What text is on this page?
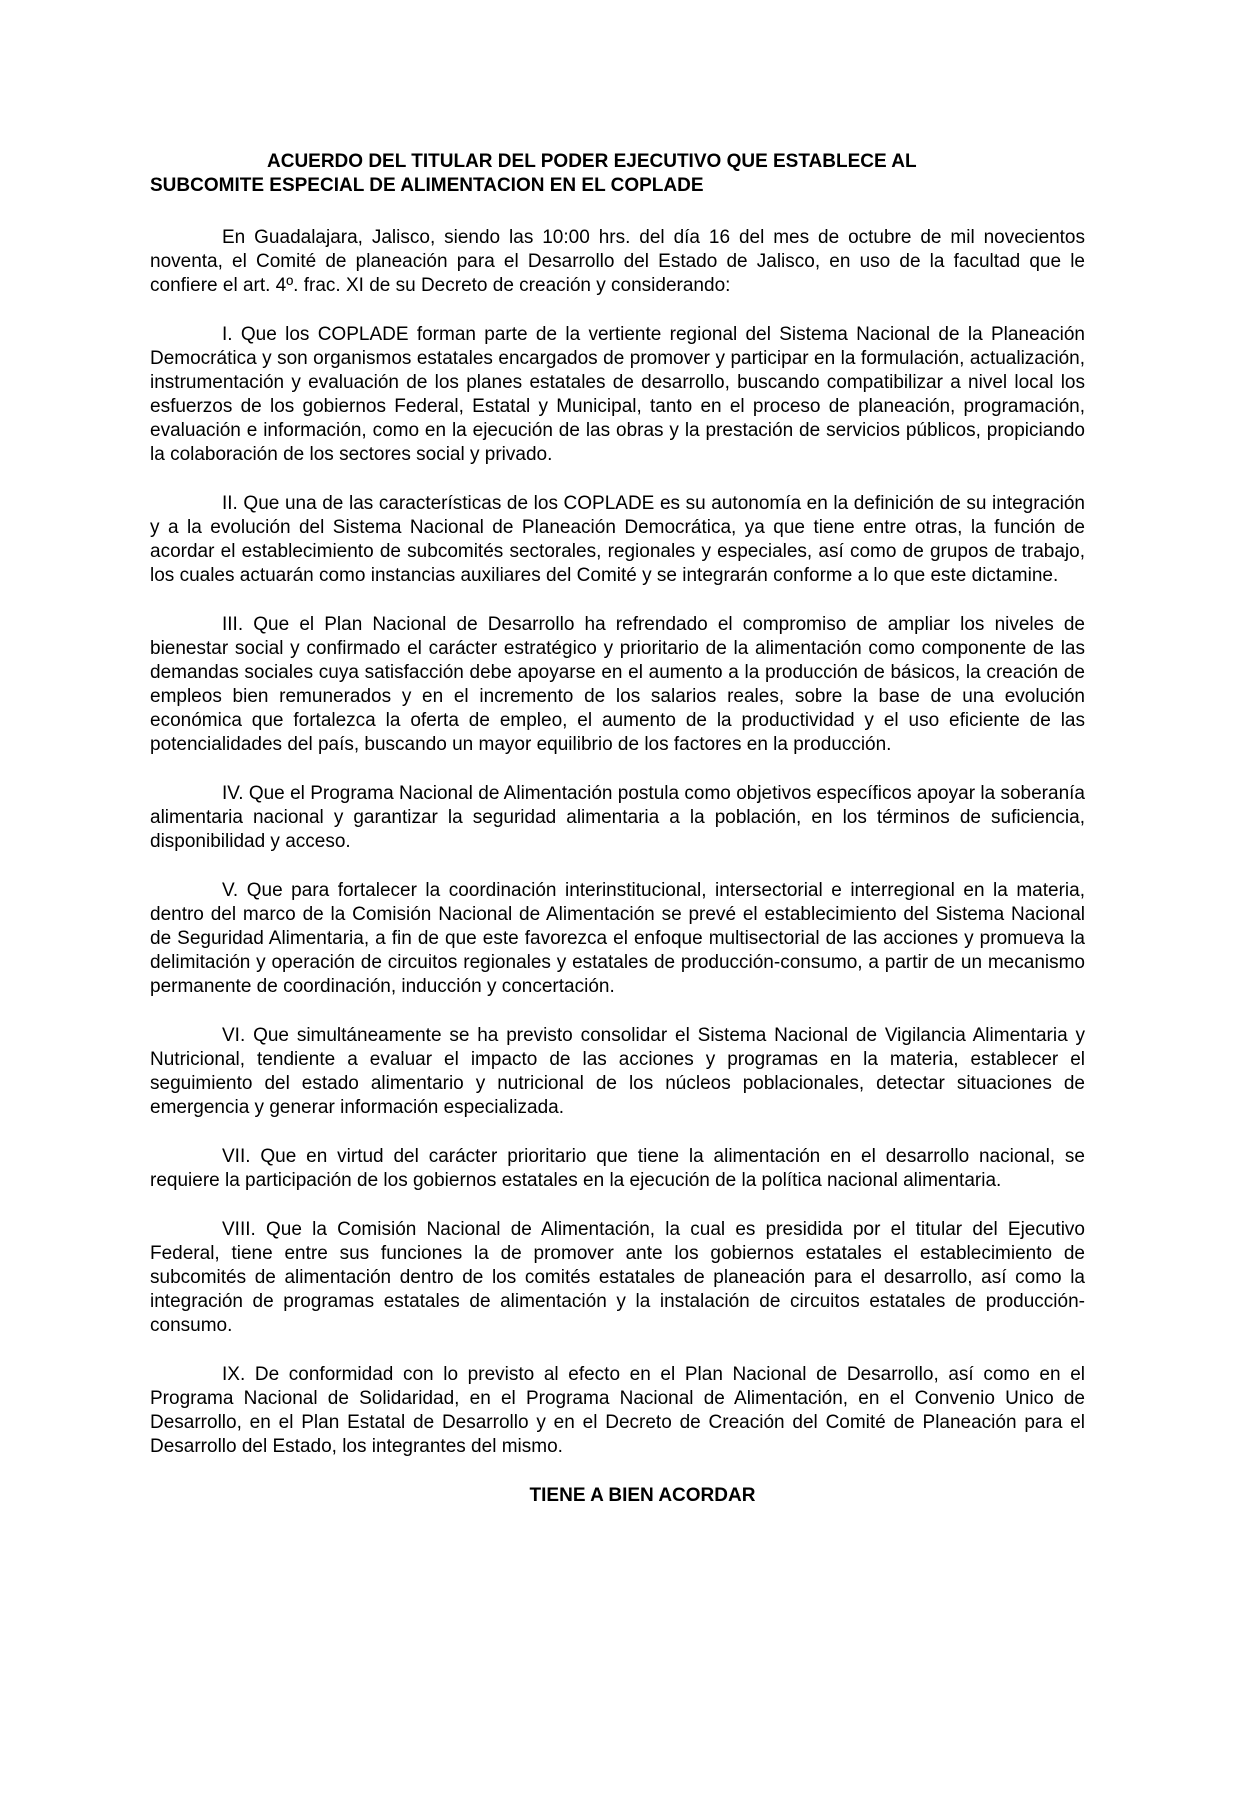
ACUERDO DEL TITULAR DEL PODER EJECUTIVO QUE ESTABLECE AL
SUBCOMITE ESPECIAL DE ALIMENTACION EN EL COPLADE

En Guadalajara, Jalisco, siendo las 10:00 hrs. del día 16 del mes de octubre de mil novecientos noventa, el Comité de planeación para el Desarrollo del Estado de Jalisco, en uso de la facultad que le confiere el art. 4º. frac. XI de su Decreto de creación y considerando:

I. Que los COPLADE forman parte de la vertiente regional del Sistema Nacional de la Planeación Democrática y son organismos estatales encargados de promover y participar en la formulación, actualización, instrumentación y evaluación de los planes estatales de desarrollo, buscando compatibilizar a nivel local los esfuerzos de los gobiernos Federal, Estatal y Municipal, tanto en el proceso de planeación, programación, evaluación e información, como en la ejecución de las obras y la prestación de servicios públicos, propiciando la colaboración de los sectores social y privado.

II. Que una de las características de los COPLADE es su autonomía en la definición de su integración y a la evolución del Sistema Nacional de Planeación Democrática, ya que tiene entre otras, la función de acordar el establecimiento de subcomités sectorales, regionales y especiales, así como de grupos de trabajo, los cuales actuarán como instancias auxiliares del Comité y se integrarán conforme a lo que este dictamine.

III. Que el Plan Nacional de Desarrollo ha refrendado el compromiso de ampliar los niveles de bienestar social y confirmado el carácter estratégico y prioritario de la alimentación como componente de las demandas sociales cuya satisfacción debe apoyarse en el aumento a la producción de básicos, la creación de empleos bien remunerados y en el incremento de los salarios reales, sobre la base de una evolución económica que fortalezca la oferta de empleo, el aumento de la productividad y el uso eficiente de las potencialidades del país, buscando un mayor equilibrio de los factores en la producción.

IV. Que el Programa Nacional de Alimentación postula como objetivos específicos apoyar la soberanía alimentaria nacional y garantizar la seguridad alimentaria a la población, en los términos de suficiencia, disponibilidad y acceso.

V. Que para fortalecer la coordinación interinstitucional, intersectorial e interregional en la materia, dentro del marco de la Comisión Nacional de Alimentación se prevé el establecimiento del Sistema Nacional de Seguridad Alimentaria, a fin de que este favorezca el enfoque multisectorial de las acciones y promueva la delimitación y operación de circuitos regionales y estatales de producción-consumo, a partir de un mecanismo permanente de coordinación, inducción y concertación.

VI. Que simultáneamente se ha previsto consolidar el Sistema Nacional de Vigilancia Alimentaria y Nutricional, tendiente a evaluar el impacto de las acciones y programas en la materia, establecer el seguimiento del estado alimentario y nutricional de los núcleos poblacionales, detectar situaciones de emergencia y generar información especializada.

VII. Que en virtud del carácter prioritario que tiene la alimentación en el desarrollo nacional, se requiere la participación de los gobiernos estatales en la ejecución de la política nacional alimentaria.

VIII. Que la Comisión Nacional de Alimentación, la cual es presidida por el titular del Ejecutivo Federal, tiene entre sus funciones la de promover ante los gobiernos estatales el establecimiento de subcomités de alimentación dentro de los comités estatales de planeación para el desarrollo, así como la integración de programas estatales de alimentación y la instalación de circuitos estatales de producción-consumo.

IX. De conformidad con lo previsto al efecto en el Plan Nacional de Desarrollo, así como en el Programa Nacional de Solidaridad, en el Programa Nacional de Alimentación, en el Convenio Unico de Desarrollo, en el Plan Estatal de Desarrollo y en el Decreto de Creación del Comité de Planeación para el Desarrollo del Estado, los integrantes del mismo.

TIENE A BIEN ACORDAR
